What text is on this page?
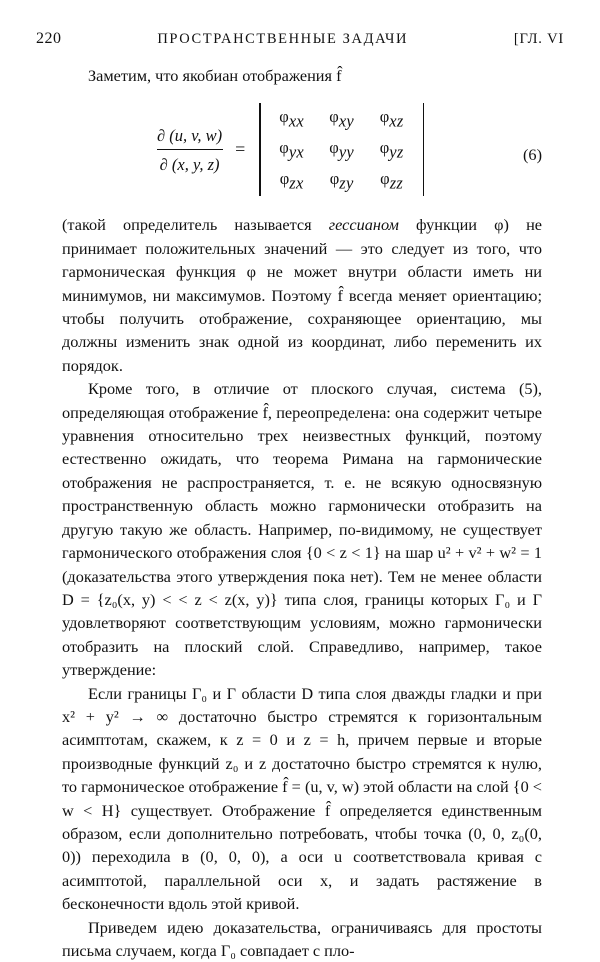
220	ПРОСТРАНСТВЕННЫЕ ЗАДАЧИ	[ГЛ. VI

Заметим, что якобиан отображения f̂

$\frac{\partial (u, v, w)}{\partial (x, y, z)}$ =
φxx φxy φxz
φyx φyy φyz
φzx φzy φzz
(6)

(такой определитель называется гессианом функции φ) не принимает положительных значений — это следует из того, что гармоническая функция φ не может внутри области иметь ни минимумов, ни максимумов. Поэтому f̂ всегда меняет ориентацию; чтобы получить отображение, сохраняющее ориентацию, мы должны изменить знак одной из координат, либо переменить их порядок.

Кроме того, в отличие от плоского случая, система (5), определяющая отображение f̂, переопределена: она содержит четыре уравнения относительно трех неизвестных функций, поэтому естественно ожидать, что теорема Римана на гармонические отображения не распространяется, т. е. не всякую односвязную пространственную область можно гармонически отобразить на другую такую же область. Например, по-видимому, не существует гармонического отображения слоя {0 < z < 1} на шар u² + v² + w² = 1 (доказательства этого утверждения пока нет). Тем не менее области D = {z₀(x, y) < < z < z(x, y)} типа слоя, границы которых Г₀ и Г удовлетворяют соответствующим условиям, можно гармонически отобразить на плоский слой. Справедливо, например, такое утверждение:

Если границы Г₀ и Г области D типа слоя дважды гладки и при x² + y² → ∞ достаточно быстро стремятся к горизонтальным асимптотам, скажем, к z = 0 и z = h, причем первые и вторые производные функций z₀ и z достаточно быстро стремятся к нулю, то гармоническое отображение f̂ = (u, v, w) этой области на слой {0 < w < H} существует. Отображение f̂ определяется единственным образом, если дополнительно потребовать, чтобы точка (0, 0, z₀(0, 0)) переходила в (0, 0, 0), а оси u соответствовала кривая с асимптотой, параллельной оси x, и задать растяжение в бесконечности вдоль этой кривой.

Приведем идею доказательства, ограничиваясь для простоты письма случаем, когда Г₀ совпадает с пло-
